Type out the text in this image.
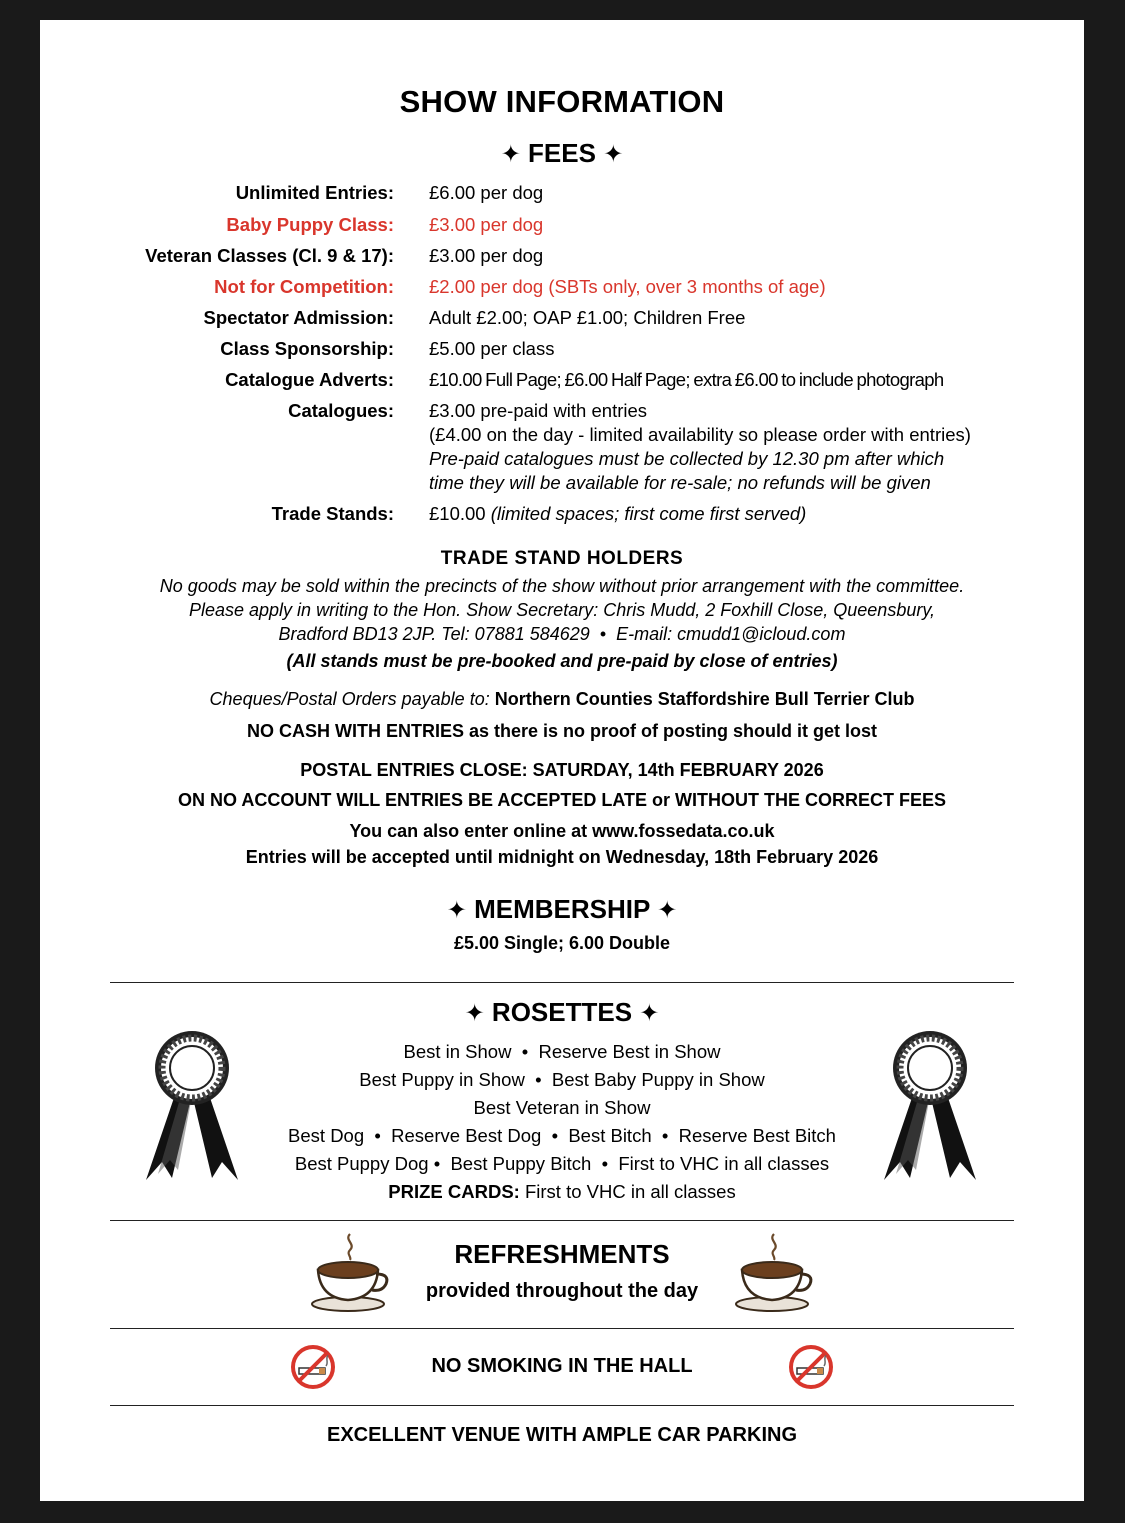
SHOW INFORMATION
✦ FEES ✦
Unlimited Entries: £6.00 per dog
Baby Puppy Class: £3.00 per dog
Veteran Classes (Cl. 9 & 17): £3.00 per dog
Not for Competition: £2.00 per dog (SBTs only, over 3 months of age)
Spectator Admission: Adult £2.00; OAP £1.00; Children Free
Class Sponsorship: £5.00 per class
Catalogue Adverts: £10.00 Full Page; £6.00 Half Page; extra £6.00 to include photograph
Catalogues: £3.00 pre-paid with entries
(£4.00 on the day - limited availability so please order with entries)
Pre-paid catalogues must be collected by 12.30 pm after which
time they will be available for re-sale; no refunds will be given
Trade Stands: £10.00 (limited spaces; first come first served)
TRADE STAND HOLDERS
No goods may be sold within the precincts of the show without prior arrangement with the committee.
Please apply in writing to the Hon. Show Secretary: Chris Mudd, 2 Foxhill Close, Queensbury,
Bradford BD13 2JP. Tel: 07881 584629  •  E-mail: cmudd1@icloud.com
(All stands must be pre-booked and pre-paid by close of entries)
Cheques/Postal Orders payable to: Northern Counties Staffordshire Bull Terrier Club
NO CASH WITH ENTRIES as there is no proof of posting should it get lost
POSTAL ENTRIES CLOSE: SATURDAY, 14th FEBRUARY 2026
ON NO ACCOUNT WILL ENTRIES BE ACCEPTED LATE or WITHOUT THE CORRECT FEES
You can also enter online at www.fossedata.co.uk
Entries will be accepted until midnight on Wednesday, 18th February 2026
✦ MEMBERSHIP ✦
£5.00 Single; 6.00 Double
✦ ROSETTES ✦
Best in Show  •  Reserve Best in Show
Best Puppy in Show  •  Best Baby Puppy in Show
Best Veteran in Show
Best Dog  •  Reserve Best Dog  •  Best Bitch  •  Reserve Best Bitch
Best Puppy Dog •  Best Puppy Bitch  •  First to VHC in all classes
PRIZE CARDS: First to VHC in all classes
REFRESHMENTS
provided throughout the day
NO SMOKING IN THE HALL
EXCELLENT VENUE WITH AMPLE CAR PARKING
